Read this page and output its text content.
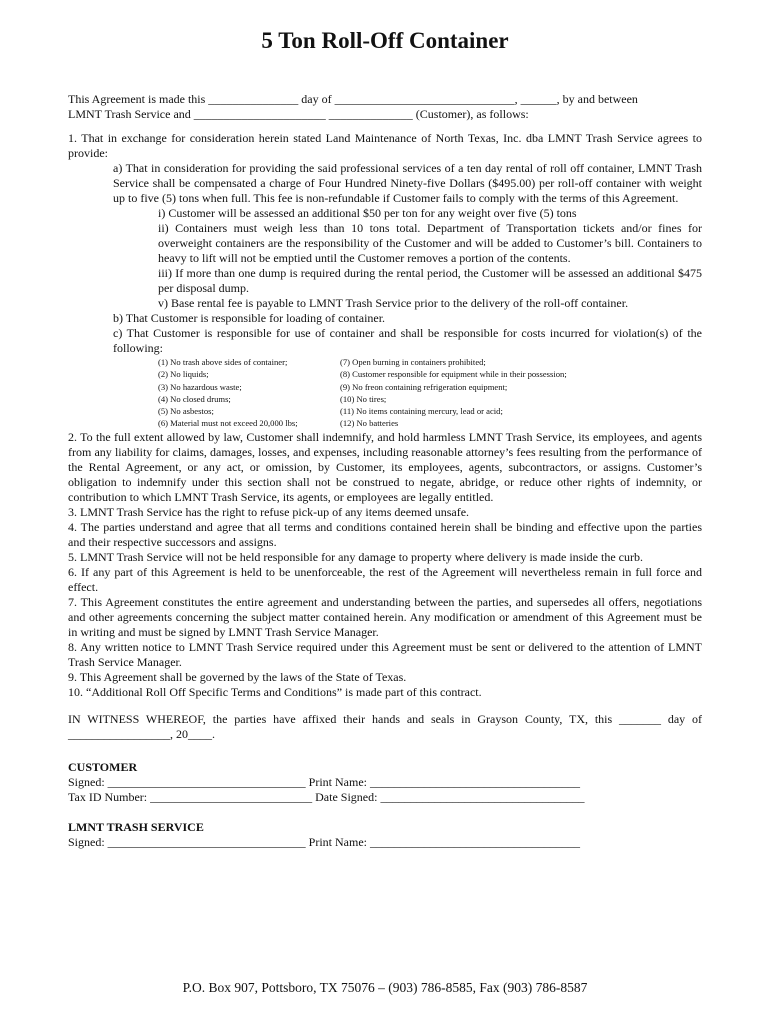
5 Ton Roll-Off Container

This Agreement is made this _______________ day of ______________________________, ______, by and between

LMNT Trash Service and ______________________ ______________ (Customer), as follows:

1. That in exchange for consideration herein stated Land Maintenance of North Texas, Inc. dba LMNT Trash Service agrees to provide:

a) That in consideration for providing the said professional services of a ten day rental of roll off container, LMNT Trash Service shall be compensated a charge of Four Hundred Ninety-five Dollars ($495.00) per roll-off container with weight up to five (5) tons when full. This fee is non-refundable if Customer fails to comply with the terms of this Agreement.

i) Customer will be assessed an additional $50 per ton for any weight over five (5) tons

ii) Containers must weigh less than 10 tons total. Department of Transportation tickets and/or fines for overweight containers are the responsibility of the Customer and will be added to Customer’s bill. Containers to heavy to lift will not be emptied until the Customer removes a portion of the contents.

iii) If more than one dump is required during the rental period, the Customer will be assessed an additional $475 per disposal dump.

v) Base rental fee is payable to LMNT Trash Service prior to the delivery of the roll-off container.

b) That Customer is responsible for loading of container.

c) That Customer is responsible for use of container and shall be responsible for costs incurred for violation(s) of the following:

(1) No trash above sides of container;
(2) No liquids;
(3) No hazardous waste;
(4) No closed drums;
(5) No asbestos;
(6) Material must not exceed 20,000 lbs;
(7) Open burning in containers prohibited;
(8) Customer responsible for equipment while in their possession;
(9) No freon containing refrigeration equipment;
(10) No tires;
(11) No items containing mercury, lead or acid;
(12) No batteries

2. To the full extent allowed by law, Customer shall indemnify, and hold harmless LMNT Trash Service, its employees, and agents from any liability for claims, damages, losses, and expenses, including reasonable attorney’s fees resulting from the performance of the Rental Agreement, or any act, or omission, by Customer, its employees, agents, subcontractors, or assigns. Customer’s obligation to indemnify under this section shall not be construed to negate, abridge, or reduce other rights of indemnity, or contribution to which LMNT Trash Service, its agents, or employees are legally entitled.

3. LMNT Trash Service has the right to refuse pick-up of any items deemed unsafe.

4. The parties understand and agree that all terms and conditions contained herein shall be binding and effective upon the parties and their respective successors and assigns.

5. LMNT Trash Service will not be held responsible for any damage to property where delivery is made inside the curb.

6. If any part of this Agreement is held to be unenforceable, the rest of the Agreement will nevertheless remain in full force and effect.

7. This Agreement constitutes the entire agreement and understanding between the parties, and supersedes all offers, negotiations and other agreements concerning the subject matter contained herein. Any modification or amendment of this Agreement must be in writing and must be signed by LMNT Trash Service Manager.

8. Any written notice to LMNT Trash Service required under this Agreement must be sent or delivered to the attention of LMNT Trash Service Manager.

9. This Agreement shall be governed by the laws of the State of Texas.

10. “Additional Roll Off Specific Terms and Conditions” is made part of this contract.

IN WITNESS WHEREOF, the parties have affixed their hands and seals in Grayson County, TX, this _______ day of _________________, 20____.

CUSTOMER
Signed: _________________________________ Print Name: ___________________________________
Tax ID Number: ___________________________ Date Signed: __________________________________
LMNT TRASH SERVICE
Signed: _________________________________ Print Name: ___________________________________
P.O. Box 907, Pottsboro, TX 75076 – (903) 786-8585, Fax (903) 786-8587
